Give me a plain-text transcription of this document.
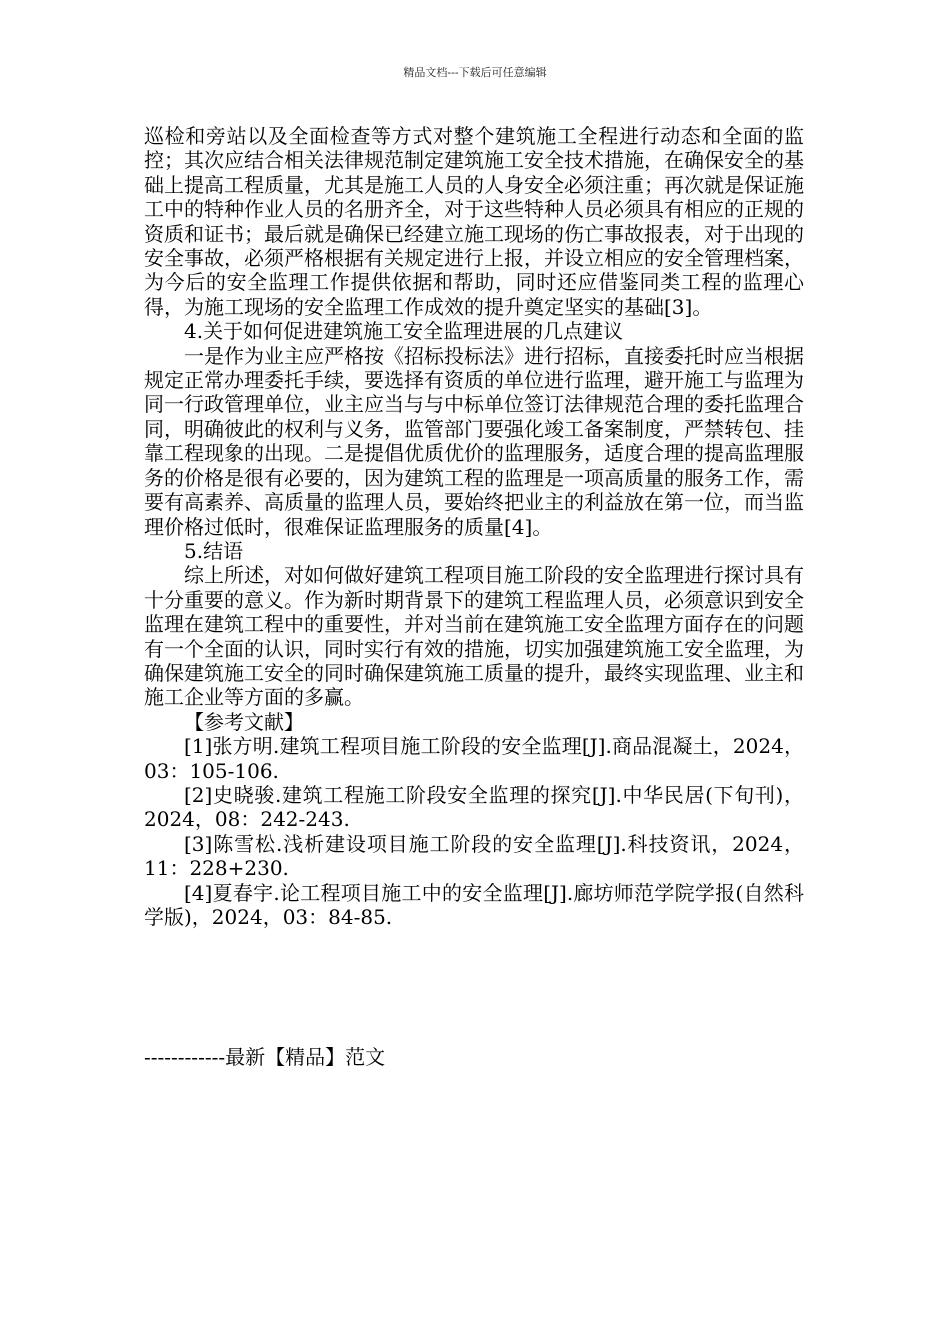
精品文档---下载后可任意编辑

巡检和旁站以及全面检查等方式对整个建筑施工全程进行动态和全面的监控；其次应结合相关法律规范制定建筑施工安全技术措施，在确保安全的基础上提高工程质量，尤其是施工人员的人身安全必须注重；再次就是保证施工中的特种作业人员的名册齐全，对于这些特种人员必须具有相应的正规的资质和证书；最后就是确保已经建立施工现场的伤亡事故报表，对于出现的安全事故，必须严格根据有关规定进行上报，并设立相应的安全管理档案，为今后的安全监理工作提供依据和帮助，同时还应借鉴同类工程的监理心得，为施工现场的安全监理工作成效的提升奠定坚实的基础[3]。

4.关于如何促进建筑施工安全监理进展的几点建议

一是作为业主应严格按《招标投标法》进行招标，直接委托时应当根据规定正常办理委托手续，要选择有资质的单位进行监理，避开施工与监理为同一行政管理单位，业主应当与与中标单位签订法律规范合理的委托监理合同，明确彼此的权利与义务，监管部门要强化竣工备案制度，严禁转包、挂靠工程现象的出现。二是提倡优质优价的监理服务，适度合理的提高监理服务的价格是很有必要的，因为建筑工程的监理是一项高质量的服务工作，需要有高素养、高质量的监理人员，要始终把业主的利益放在第一位，而当监理价格过低时，很难保证监理服务的质量[4]。

5.结语

综上所述，对如何做好建筑工程项目施工阶段的安全监理进行探讨具有十分重要的意义。作为新时期背景下的建筑工程监理人员，必须意识到安全监理在建筑工程中的重要性，并对当前在建筑施工安全监理方面存在的问题有一个全面的认识，同时实行有效的措施，切实加强建筑施工安全监理，为确保建筑施工安全的同时确保建筑施工质量的提升，最终实现监理、业主和施工企业等方面的多赢。

【参考文献】

[1]张方明.建筑工程项目施工阶段的安全监理[J].商品混凝土，2024，03：105-106.

[2]史晓骏.建筑工程施工阶段安全监理的探究[J].中华民居(下旬刊)，2024，08：242-243.

[3]陈雪松.浅析建设项目施工阶段的安全监理[J].科技资讯，2024，11：228+230.

[4]夏春宇.论工程项目施工中的安全监理[J].廊坊师范学院学报(自然科学版)，2024，03：84-85.

------------最新【精品】范文
